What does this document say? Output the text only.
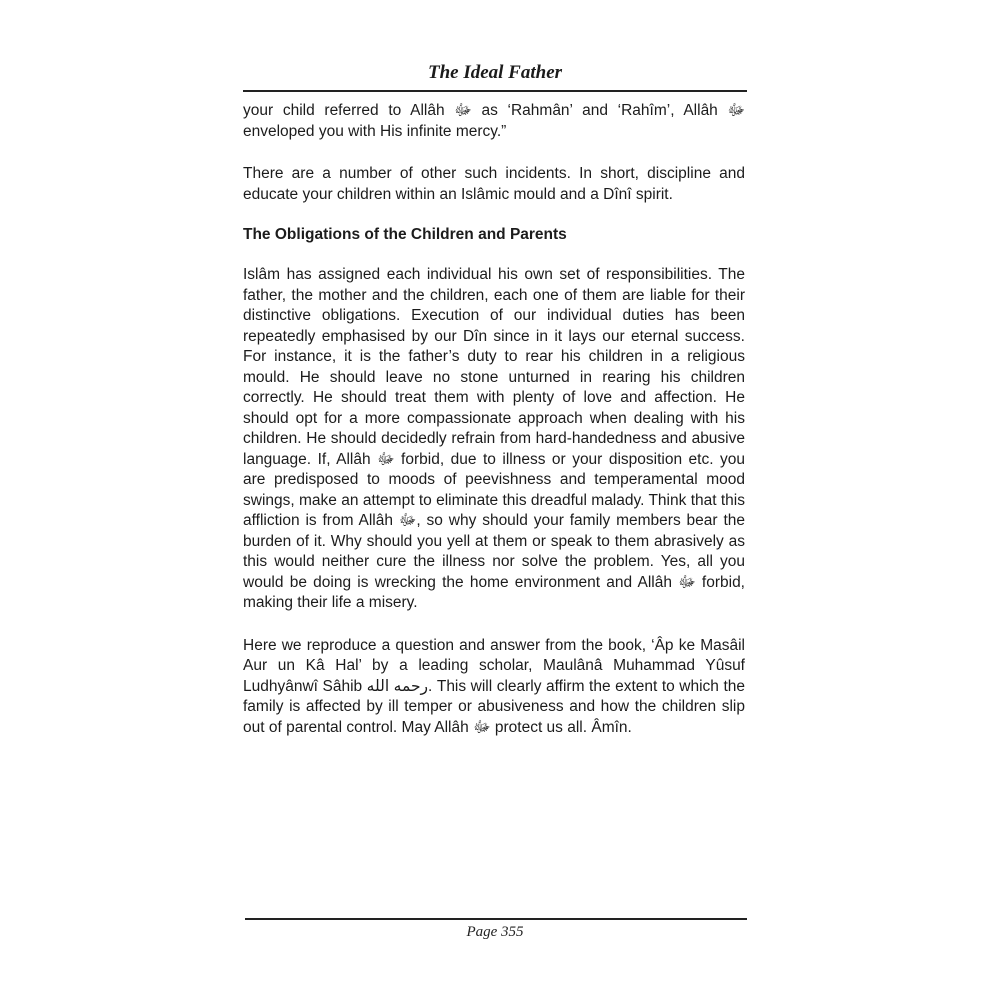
The Ideal Father

your child referred to Allâh ﷻ as ‘Rahmân’ and ‘Rahîm’, Allâh ﷻ enveloped you with His infinite mercy.”

There are a number of other such incidents. In short, discipline and educate your children within an Islâmic mould and a Dînî spirit.

The Obligations of the Children and Parents

Islâm has assigned each individual his own set of responsibilities. The father, the mother and the children, each one of them are liable for their distinctive obligations. Execution of our individual duties has been repeatedly emphasised by our Dîn since in it lays our eternal success. For instance, it is the father’s duty to rear his children in a religious mould. He should leave no stone unturned in rearing his children correctly. He should treat them with plenty of love and affection. He should opt for a more compassionate approach when dealing with his children. He should decidedly refrain from hard-handedness and abusive language. If, Allâh ﷻ forbid, due to illness or your disposition etc. you are predisposed to moods of peevishness and temperamental mood swings, make an attempt to eliminate this dreadful malady. Think that this affliction is from Allâh ﷻ, so why should your family members bear the burden of it. Why should you yell at them or speak to them abrasively as this would neither cure the illness nor solve the problem. Yes, all you would be doing is wrecking the home environment and Allâh ﷻ forbid, making their life a misery.

Here we reproduce a question and answer from the book, ‘Âp ke Masâil Aur un Kâ Hal’ by a leading scholar, Maulânâ Muhammad Yûsuf Ludhyânwî Sâhib رحمه الله. This will clearly affirm the extent to which the family is affected by ill temper or abusiveness and how the children slip out of parental control. May Allâh ﷻ protect us all. Âmîn.

Page 355
